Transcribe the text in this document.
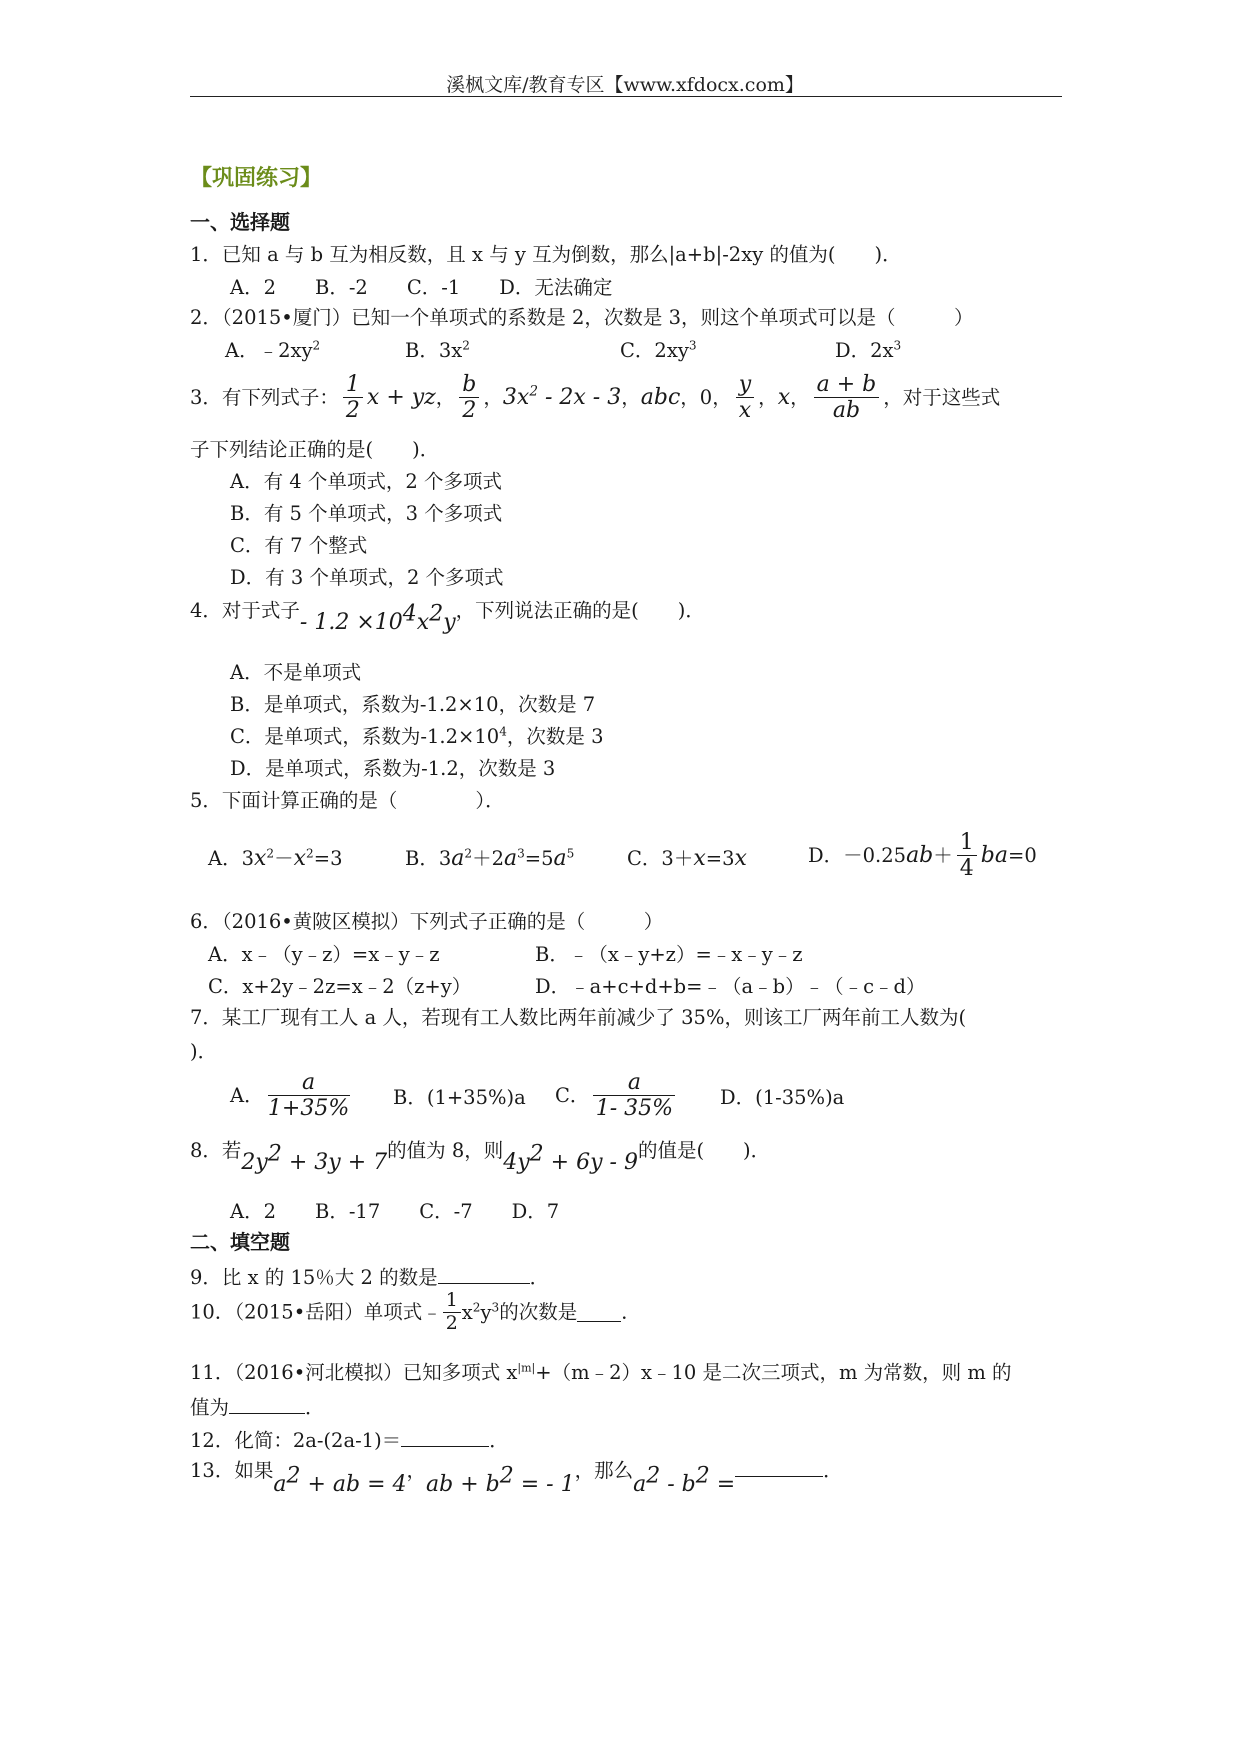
溪枫文库/教育专区【www.xfdocx.com】
【巩固练习】
一、选择题
1．已知 a 与 b 互为相反数，且 x 与 y 互为倒数，那么|a+b|-2xy 的值为(　　)．
A．2　　B．-2　　C．-1　　D．无法确定
2．（2015•厦门）已知一个单项式的系数是 2，次数是 3，则这个单项式可以是（　　　）
A．$﹣2xy^2$	B．$3x^2$	C．$2xy^3$	D．$2x^3$
3．有下列式子： $\frac{1}{2}$ x + yz， $\frac{b}{2}$ ，$3x^2 - 2x - 3$，abc，0， $\frac{y}{x}$ ，x， $\frac{a + b}{ab}$ ，对于这些式
子下列结论正确的是(　　)．
A．有 4 个单项式，2 个多项式
B．有 5 个单项式，3 个多项式
C．有 7 个整式
D．有 3 个单项式，2 个多项式
4．对于式子- $1.2 \times 10^4x^2y$，下列说法正确的是(　　)．
A．不是单项式
B．是单项式，系数为-1.2×10，次数是 7
C．是单项式，系数为$-1.2\times 10^4$，次数是 3
D．是单项式，系数为-1.2，次数是 3
5．下面计算正确的是（　　　　）．
A．$3x^2-x^2=3$	B．$3a^2+2a^3=5a^5$	C．3＋x=3x	D．$-0.25ab+ \frac{1}{4} ba=0$
6．（2016•黄陂区模拟）下列式子正确的是（　　　）
A．x﹣（y﹣z）=x﹣y﹣z	B．﹣（x﹣y+z）=﹣x﹣y﹣z
C．x+2y﹣2z=x﹣2（z+y）	D．﹣a+c+d+b=﹣（a﹣b）﹣（﹣c﹣d）
7．某工厂现有工人 a 人，若现有工人数比两年前减少了 35%，则该工厂两年前工人数为(
)．
A． $\frac{a}{1+35\%}$ B．(1+35%)a C． $\frac{a}{1- 35\%}$ D．(1-35%)a
8．若$2y^2 + 3y + 7$的值为 8，则$4y^2 + 6y - 9$的值是(　　)．
A．2　　B．-17　　C．-7　　D．7
二、填空题
9．比 x 的 15％大 2 的数是	．
10．（2015•岳阳）单项式﹣ $\frac{1}{2} x^2y^3$的次数是 ．
11．（2016•河北模拟）已知多项式 $x^{|m|}+(m﹣2)x﹣10$ 是二次三项式，m 为常数，则 m 的
值为	．
12．化简：2a-(2a-1)＝	．
13．如果$a^2$ + ab = 4，ab + $b^2$ = - 1，那么$a^2 - b^2$ =．
